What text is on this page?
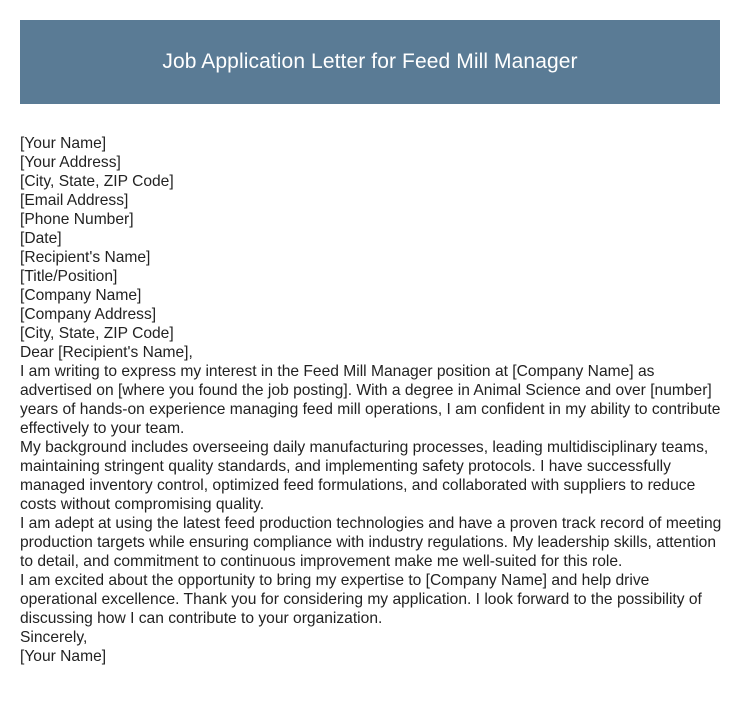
Job Application Letter for Feed Mill Manager
[Your Name]
[Your Address]
[City, State, ZIP Code]
[Email Address]
[Phone Number]
[Date]
[Recipient's Name]
[Title/Position]
[Company Name]
[Company Address]
[City, State, ZIP Code]
Dear [Recipient's Name],
I am writing to express my interest in the Feed Mill Manager position at [Company Name] as advertised on [where you found the job posting]. With a degree in Animal Science and over [number] years of hands-on experience managing feed mill operations, I am confident in my ability to contribute effectively to your team.
My background includes overseeing daily manufacturing processes, leading multidisciplinary teams, maintaining stringent quality standards, and implementing safety protocols. I have successfully managed inventory control, optimized feed formulations, and collaborated with suppliers to reduce costs without compromising quality.
I am adept at using the latest feed production technologies and have a proven track record of meeting production targets while ensuring compliance with industry regulations. My leadership skills, attention to detail, and commitment to continuous improvement make me well-suited for this role.
I am excited about the opportunity to bring my expertise to [Company Name] and help drive operational excellence. Thank you for considering my application. I look forward to the possibility of discussing how I can contribute to your organization.
Sincerely,
[Your Name]
